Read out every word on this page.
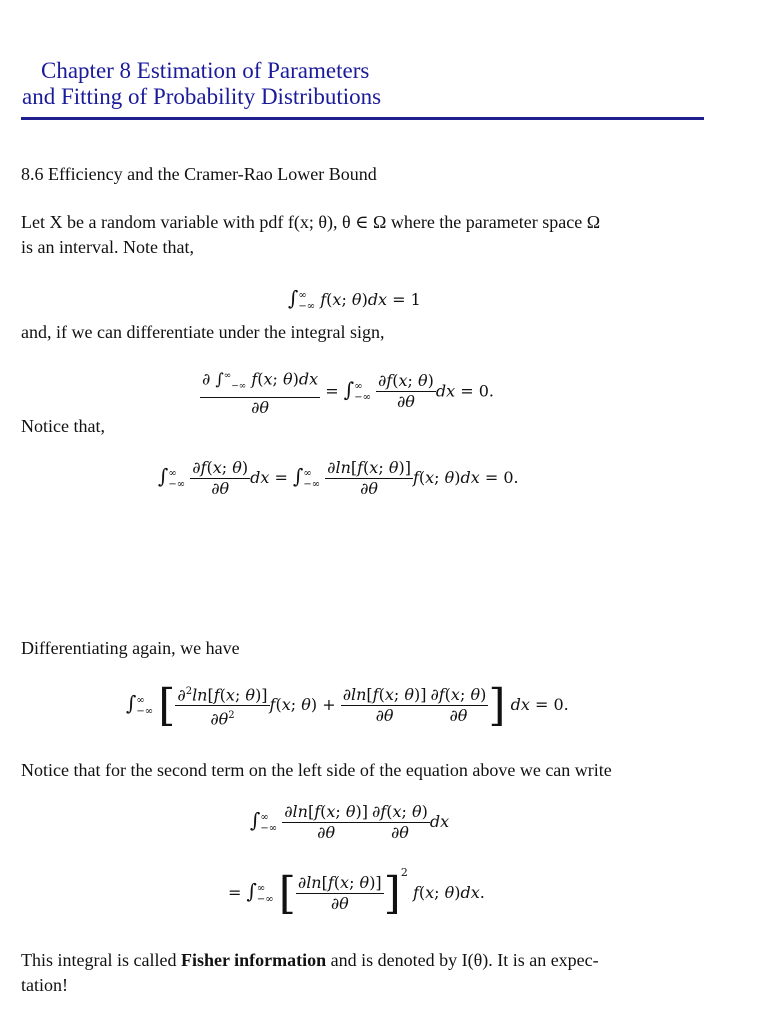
Chapter 8 Estimation of Parameters
and Fitting of Probability Distributions
8.6 Efficiency and the Cramer-Rao Lower Bound
Let X be a random variable with pdf f(x; θ), θ ∈ Ω where the parameter space Ω
is an interval. Note that,
∫∞
−∞ f(x; θ)dx = 1
and, if we can differentiate under the integral sign,
$\frac{\partial \int^\infty_{-\infty} f(x; \theta)dx}{\partial\theta}$ = ∫∞
−∞ $\frac{\partial f(x; \theta)}{\partial\theta}$ dx = 0.
Notice that,
∫∞
−∞ $\frac{\partial f(x; \theta)}{\partial\theta}$ dx = ∫∞
−∞ $\frac{\partial\ln[f(x; \theta)]}{\partial\theta} f(x$; θ)dx = 0.
Differentiating again, we have
∫∞
−∞ [ $\frac{\partial^2\ln[f(x; \theta)]}{\partial\theta^2} f(x$; $\theta) + \frac{\partial\ln[f(x; \theta)]}{\partial\theta} \frac{\partial f(x; \theta)}{\partial\theta}$ ] dx = 0.
Notice that for the second term on the left side of the equation above we can write
∫∞
−∞ $\frac{\partial\ln[f(x; \theta)]}{\partial\theta} \frac{\partial f(x; \theta)}{\partial\theta}$ dx
= ∫∞
−∞ [ $\frac{\partial\ln[f(x; \theta)]}{\partial\theta} ]^2$ f(x; θ)dx.
This integral is called Fisher information and is denoted by I(θ). It is an expec-
tation!
